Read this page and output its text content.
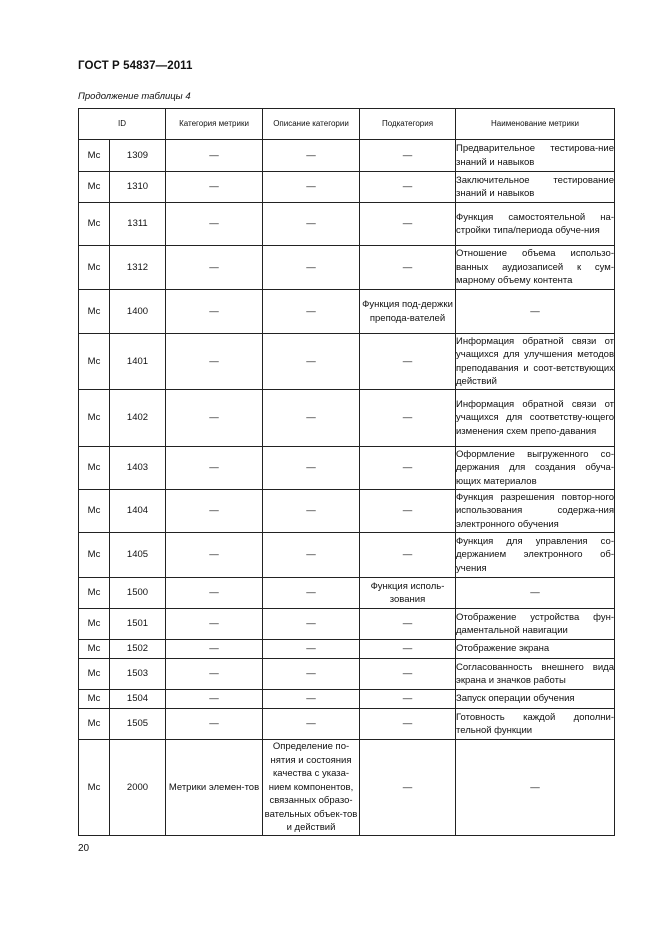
ГОСТ Р 54837—2011
Продолжение таблицы 4
ID		Категория метрики	Описание категории	Подкатегория	Наименование метрики
Мс	1309	—	—	—	Предварительное тестирова-ние знаний и навыков
Мс	1310	—	—	—	Заключительное тестирование знаний и навыков
Мс	1311	—	—	—	Функция самостоятельной на-стройки типа/периода обуче-ния
Мс	1312	—	—	—	Отношение объема использо-ванных аудиозаписей к сум-марному объему контента
Мс	1400	—	—	Функция под-держки препода-вателей	—
Мс	1401	—	—	—	Информация обратной связи от учащихся для улучшения методов преподавания и соот-ветствующих действий
Мс	1402	—	—	—	Информация обратной связи от учащихся для соответству-ющего изменения схем препо-давания
Мс	1403	—	—	—	Оформление выгруженного со-держания для создания обуча-ющих материалов
Мс	1404	—	—	—	Функция разрешения повтор-ного использования содержа-ния электронного обучения
Мс	1405	—	—	—	Функция для управления со-держанием электронного об-учения
Мс	1500	—	—	Функция исполь-зования	—
Мс	1501	—	—	—	Отображение устройства фун-даментальной навигации
Мс	1502	—	—	—	Отображение экрана
Мс	1503	—	—	—	Согласованность внешнего вида экрана и значков работы
Мс	1504	—	—	—	Запуск операции обучения
Мс	1505	—	—	—	Готовность каждой дополни-тельной функции
Мс	2000	Метрики элемен-тов	Определение по-нятия и состояния качества с указа-нием компонентов, связанных образо-вательных объек-тов и действий	—	—
20
